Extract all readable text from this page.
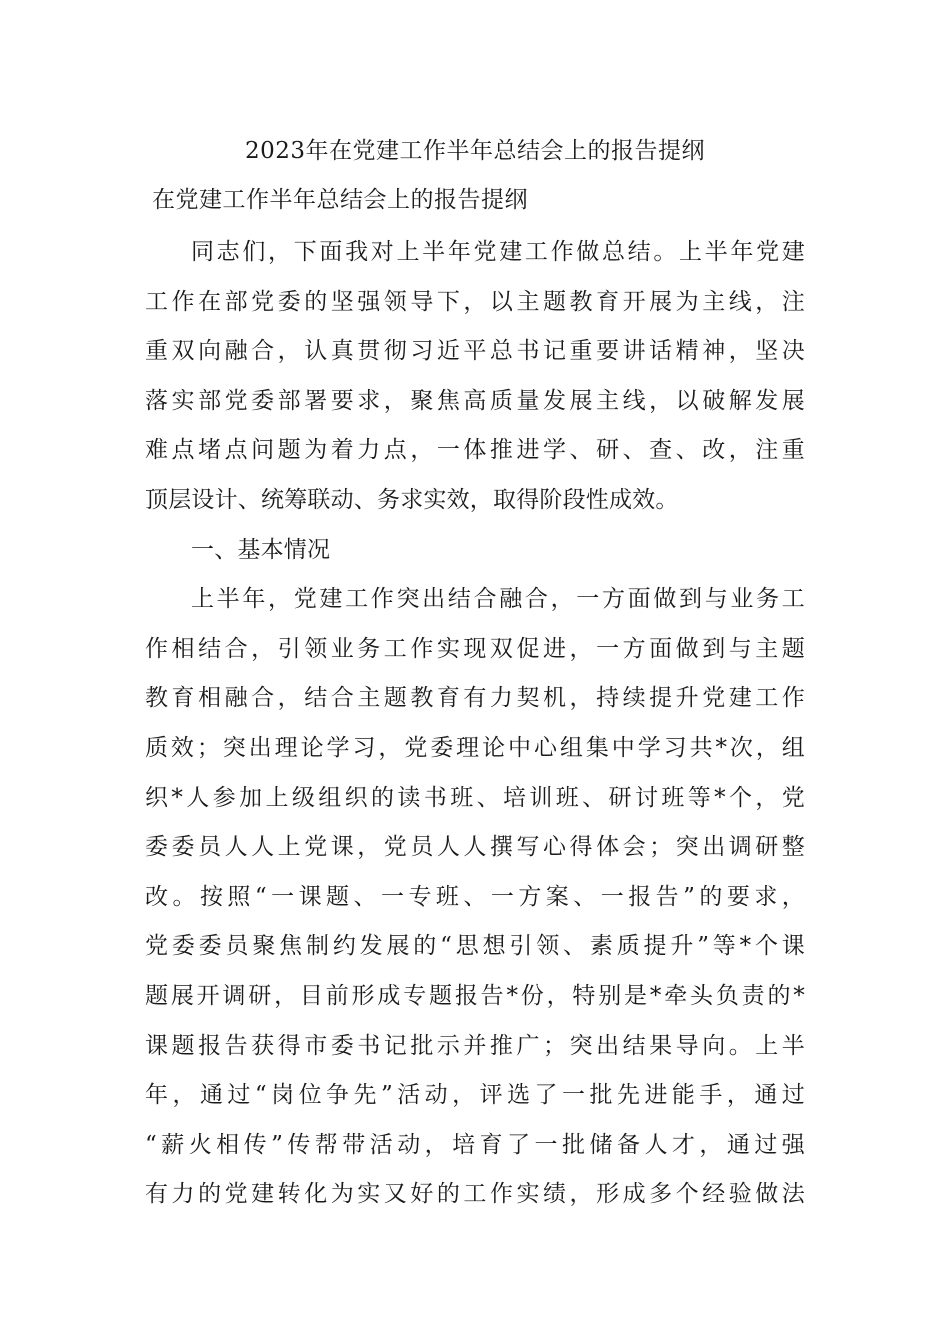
2023年在党建工作半年总结会上的报告提纲
在党建工作半年总结会上的报告提纲
同志们，下面我对上半年党建工作做总结。上半年党建
工作在部党委的坚强领导下，以主题教育开展为主线，注
重双向融合，认真贯彻习近平总书记重要讲话精神，坚决
落实部党委部署要求，聚焦高质量发展主线，以破解发展
难点堵点问题为着力点，一体推进学、研、查、改，注重
顶层设计、统筹联动、务求实效，取得阶段性成效。
一、基本情况
上半年，党建工作突出结合融合，一方面做到与业务工
作相结合，引领业务工作实现双促进，一方面做到与主题
教育相融合，结合主题教育有力契机，持续提升党建工作
质效；突出理论学习，党委理论中心组集中学习共*次，组
织*人参加上级组织的读书班、培训班、研讨班等*个，党
委委员人人上党课，党员人人撰写心得体会；突出调研整
改。按照“一课题、一专班、一方案、一报告”的要求，
党委委员聚焦制约发展的“思想引领、素质提升”等*个课
题展开调研，目前形成专题报告*份，特别是*牵头负责的*
课题报告获得市委书记批示并推广；突出结果导向。上半
年，通过“岗位争先”活动，评选了一批先进能手，通过
“薪火相传”传帮带活动，培育了一批储备人才，通过强
有力的党建转化为实又好的工作实绩，形成多个经验做法
